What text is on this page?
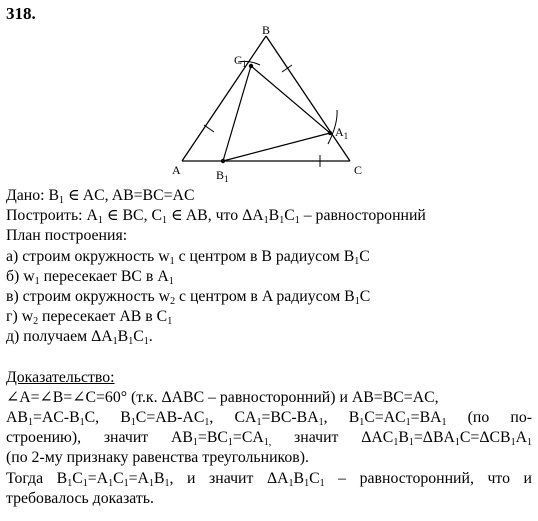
318.
A
B
C
$A_1$
$B_1$
$C_1$
Дано: $B_1$ ∈ AC, AB=BC=AC
Построить: $A_1$ ∈ BC, $C_1$ ∈ AB, что $\Delta A_1B_1C_1$ – равносторонний
План построения:
а) строим окружность $w_1$ с центром в B радиусом $B_1C$
б) $w_1$ пересекает BC в $A_1$
в) строим окружность $w_2$ с центром в A радиусом $B_1C$
г) $w_2$ пересекает AB в $C_1$
д) получаем $\Delta A_1B_1C_1$.
Доказательство:
∠A=∠B=∠C=60° (т.к. ΔABC – равносторонний) и AB=BC=AC,
$AB_1=AC-B_1C$, $B_1C=AB-AC_1$, $CA_1=BC-BA_1$, $B_1C=AC_1=BA_1$ (по по-
строению), значит $AB_1=BC_1=CA_{1,}$ значит $\Delta AC_1B_1=\Delta BA_1C=\Delta CB_1A_1$
(по 2-му признаку равенства треугольников).
Тогда $B_1C_1=A_1C_1=A_1B_1$, и значит $\Delta A_1B_1C_1$ – равносторонний, что и
требовалось доказать.
